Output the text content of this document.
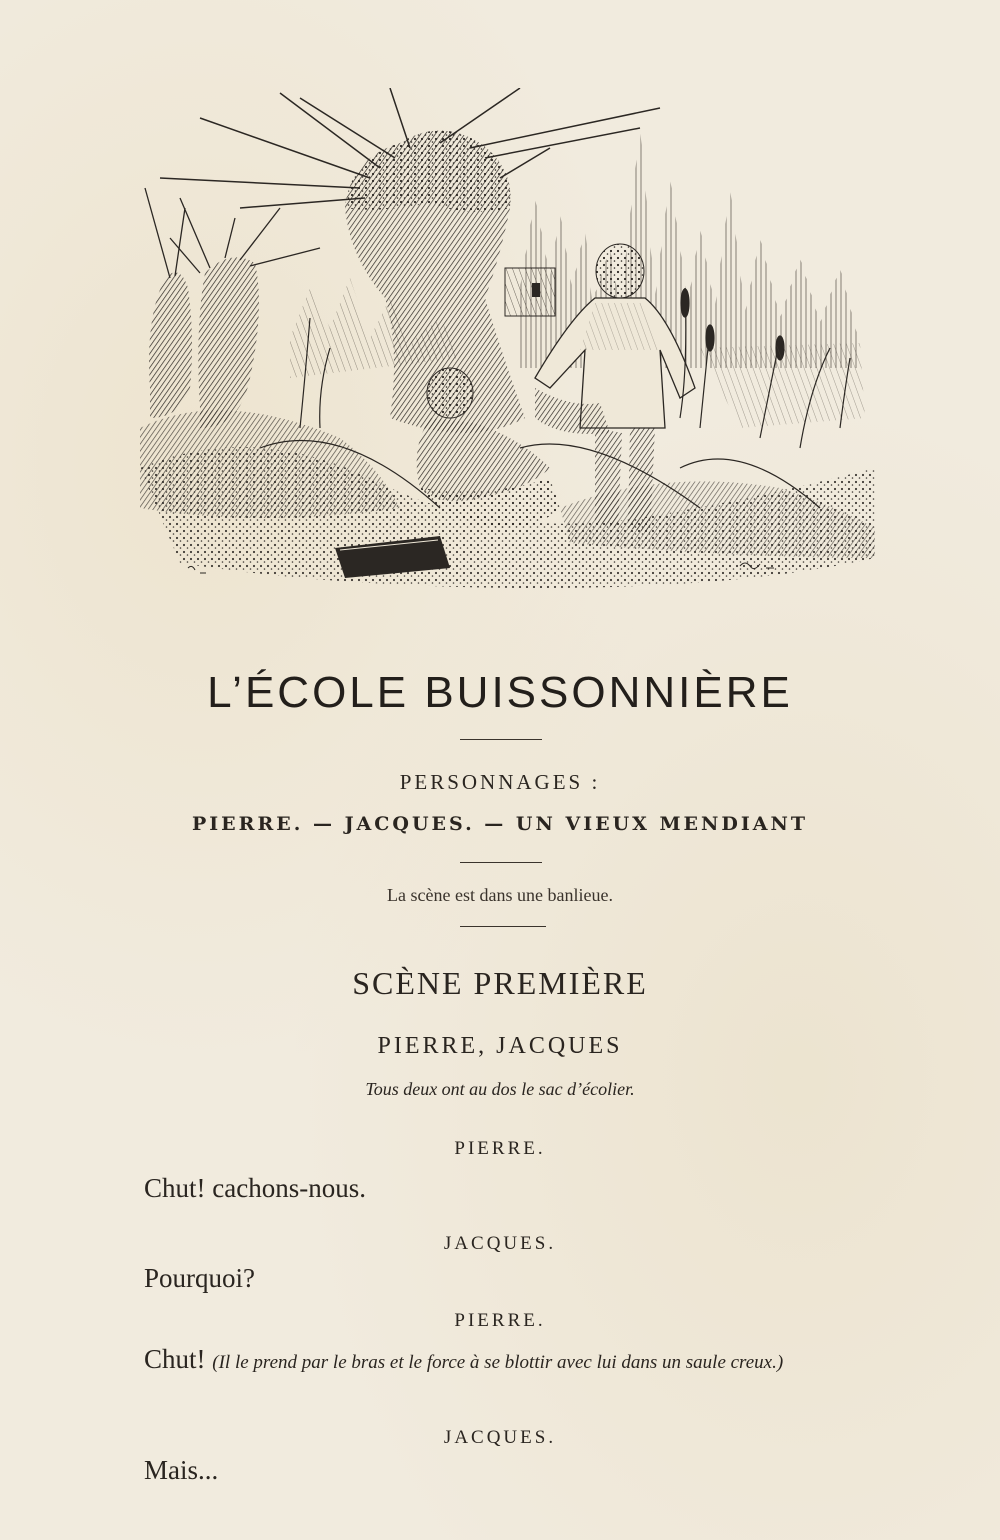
L’ÉCOLE BUISSONNIÈRE
PERSONNAGES :
PIERRE. — JACQUES. — UN VIEUX MENDIANT
La scène est dans une banlieue.
SCÈNE PREMIÈRE
PIERRE, JACQUES
Tous deux ont au dos le sac d’écolier.
PIERRE.
Chut! cachons-nous.
JACQUES.
Pourquoi?
PIERRE.
Chut! (Il le prend par le bras et le force à se blottir avec lui dans un saule creux.)
JACQUES.
Mais...
